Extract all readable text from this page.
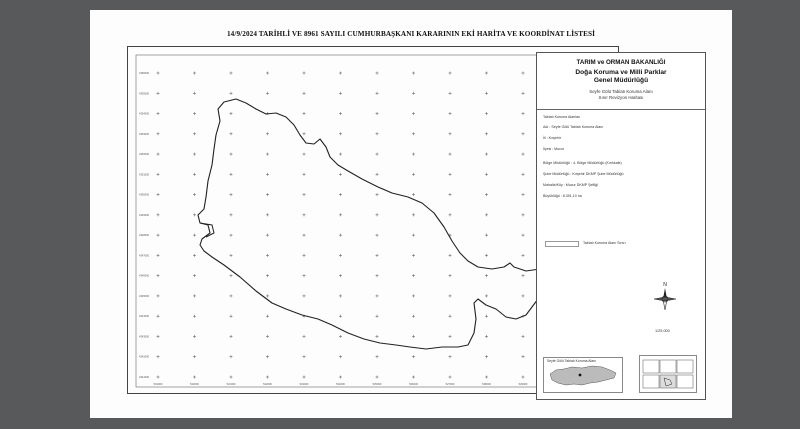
14/9/2024 TARİHLİ VE 8961 SAYILI CUMHURBAŞKANI KARARININ EKİ HARİTA VE KOORDİNAT LİSTESİ
4356000
4355000
4354000
4353000
4352000
4351000
4350000
4349000
4348000
4347000
4346000
4345000
4344000
4343000
4342000
4341000
519000	520000	521000	522000	523000	524000	525000	526000	527000	528000	529000
TARIM ve ORMAN BAKANLIĞI
Doğa Koruma ve Milli Parklar
Genel Müdürlüğü
Seyfe Gölü Tabiatı Koruma Alanı
Sınır Revizyon Haritası
Tabiatı Koruma Alanları
Adı : Seyfe Gölü Tabiatı Koruma Alanı
İli : Kırşehir
İlçesi : Mucur
Bölge Müdürlüğü : 4. Bölge Müdürlüğü (Kırıkkale)
Şube Müdürlüğü : Kırşehir DKMP Şube Müdürlüğü
Mahalle/Köy : Mucur DKMP Şefliği
Büyüklüğü : 8.391,10 ha
Tabiatı Koruma Alanı Sınırı
N
1/25.000
Seyfe Gölü Tabiatı Koruma Alanı
